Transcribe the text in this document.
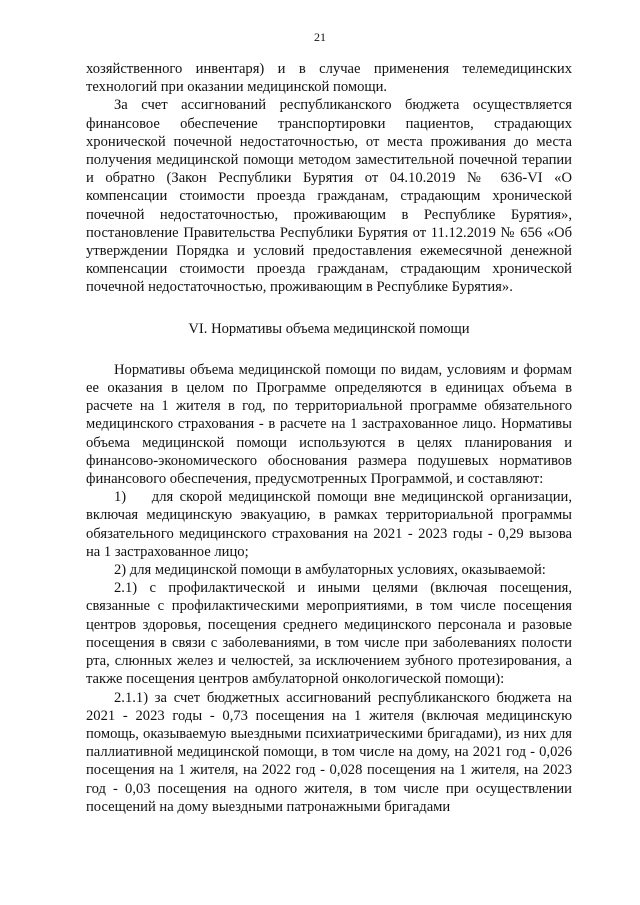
21

хозяйственного инвентаря) и в случае применения телемедицинских технологий при оказании медицинской помощи.

За счет ассигнований республиканского бюджета осуществляется финансовое обеспечение транспортировки пациентов, страдающих хронической почечной недостаточностью, от места проживания до места получения медицинской помощи методом заместительной почечной терапии и обратно (Закон Республики Бурятия от 04.10.2019 № 636-VI «О компенсации стоимости проезда гражданам, страдающим хронической почечной недостаточностью, проживающим в Республике Бурятия», постановление Правительства Республики Бурятия от 11.12.2019 № 656 «Об утверждении Порядка и условий предоставления ежемесячной денежной компенсации стоимости проезда гражданам, страдающим хронической почечной недостаточностью, проживающим в Республике Бурятия».

VI. Нормативы объема медицинской помощи

Нормативы объема медицинской помощи по видам, условиям и формам ее оказания в целом по Программе определяются в единицах объема в расчете на 1 жителя в год, по территориальной программе обязательного медицинского страхования - в расчете на 1 застрахованное лицо. Нормативы объема медицинской помощи используются в целях планирования и финансово-экономического обоснования размера подушевых нормативов финансового обеспечения, предусмотренных Программой, и составляют:

1)    для скорой медицинской помощи вне медицинской организации, включая медицинскую эвакуацию, в рамках территориальной программы обязательного медицинского страхования на 2021 - 2023 годы - 0,29 вызова на 1 застрахованное лицо;

2) для медицинской помощи в амбулаторных условиях, оказываемой:

2.1) с профилактической и иными целями (включая посещения, связанные с профилактическими мероприятиями, в том числе посещения центров здоровья, посещения среднего медицинского персонала и разовые посещения в связи с заболеваниями, в том числе при заболеваниях полости рта, слюнных желез и челюстей, за исключением зубного протезирования, а также посещения центров амбулаторной онкологической помощи):

2.1.1) за счет бюджетных ассигнований республиканского бюджета на 2021 - 2023 годы - 0,73 посещения на 1 жителя (включая медицинскую помощь, оказываемую выездными психиатрическими бригадами), из них для паллиативной медицинской помощи, в том числе на дому, на 2021 год - 0,026 посещения на 1 жителя, на 2022 год - 0,028 посещения на 1 жителя, на 2023 год - 0,03 посещения на одного жителя, в том числе при осуществлении посещений на дому выездными патронажными бригадами
